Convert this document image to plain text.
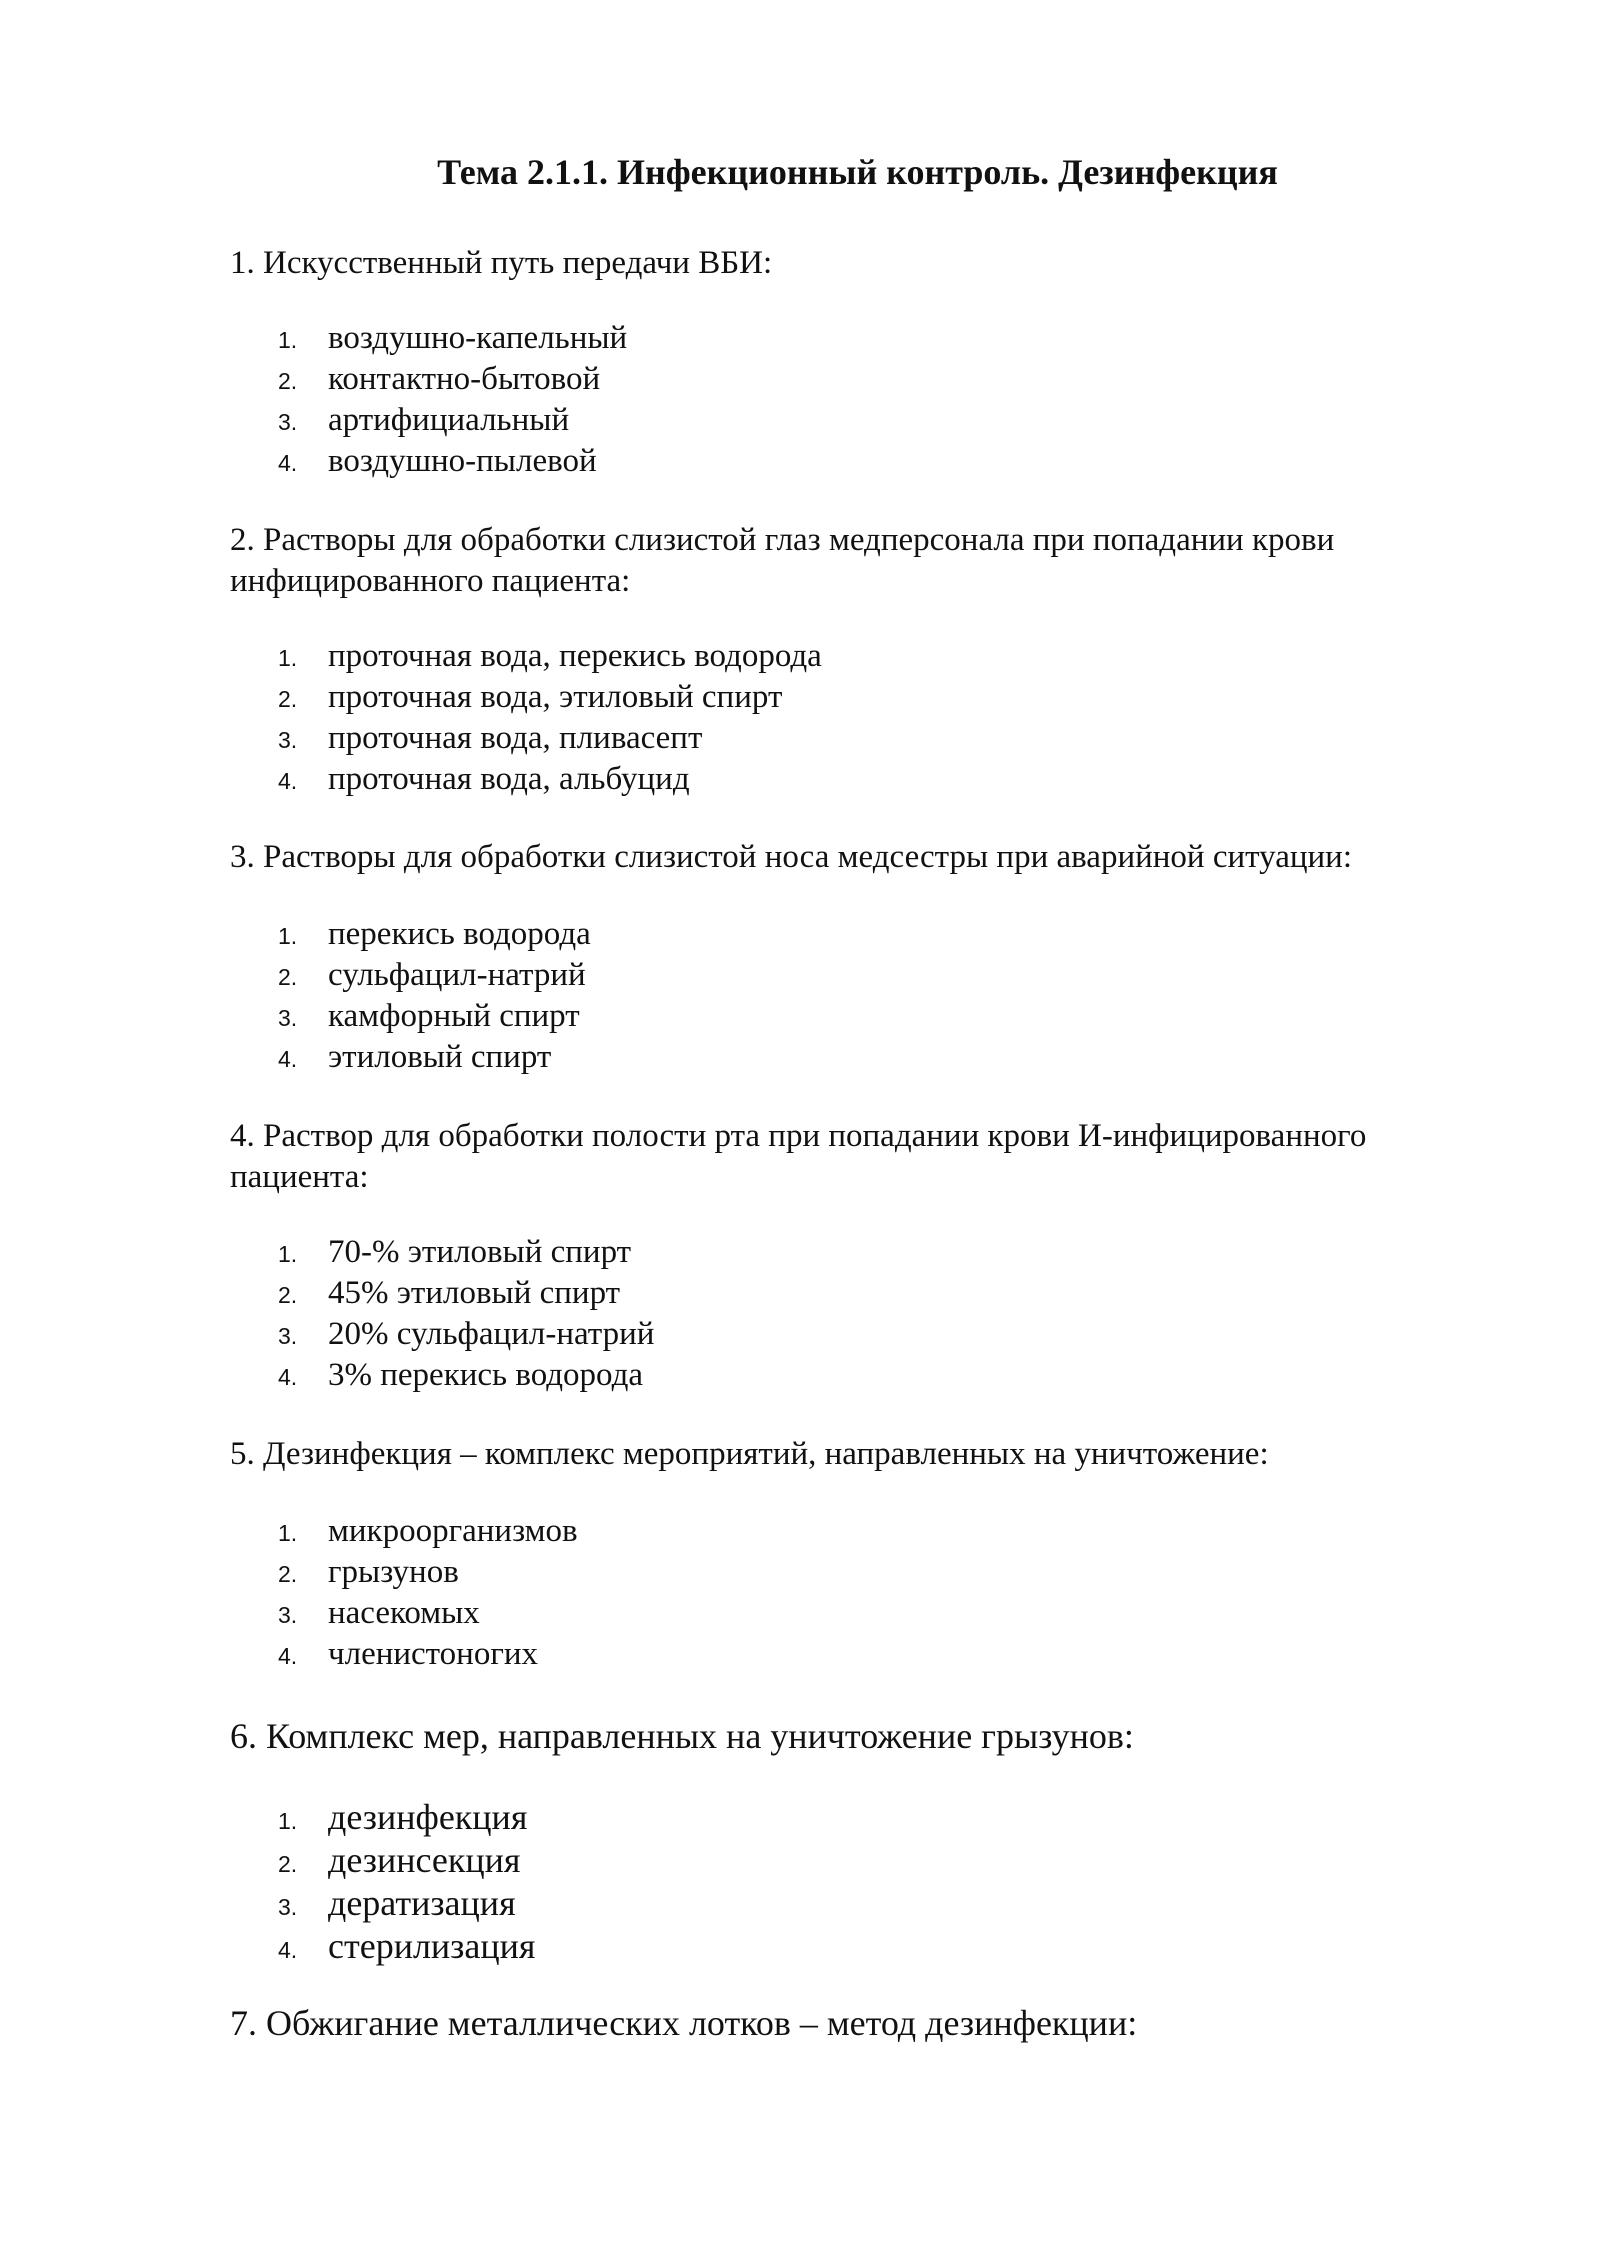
Тема 2.1.1. Инфекционный контроль. Дезинфекция

1. Искусственный путь передачи ВБИ:

1. воздушно-капельный
2. контактно-бытовой
3. артифициальный
4. воздушно-пылевой

2. Растворы для обработки слизистой глаз медперсонала при попадании крови инфицированного пациента:

1. проточная вода, перекись водорода
2. проточная вода, этиловый спирт
3. проточная вода, пливасепт
4. проточная вода, альбуцид

3. Растворы для обработки слизистой носа медсестры при аварийной ситуации:

1. перекись водорода
2. сульфацил-натрий
3. камфорный спирт
4. этиловый спирт

4. Раствор для обработки полости рта при попадании крови И-инфицированного пациента:

1. 70-% этиловый спирт
2. 45% этиловый спирт
3. 20% сульфацил-натрий
4. 3% перекись водорода

5. Дезинфекция – комплекс мероприятий, направленных на уничтожение:

1. микроорганизмов
2. грызунов
3. насекомых
4. членистоногих

6. Комплекс мер, направленных на уничтожение грызунов:

1. дезинфекция
2. дезинсекция
3. дератизация
4. стерилизация

7. Обжигание металлических лотков – метод дезинфекции:
